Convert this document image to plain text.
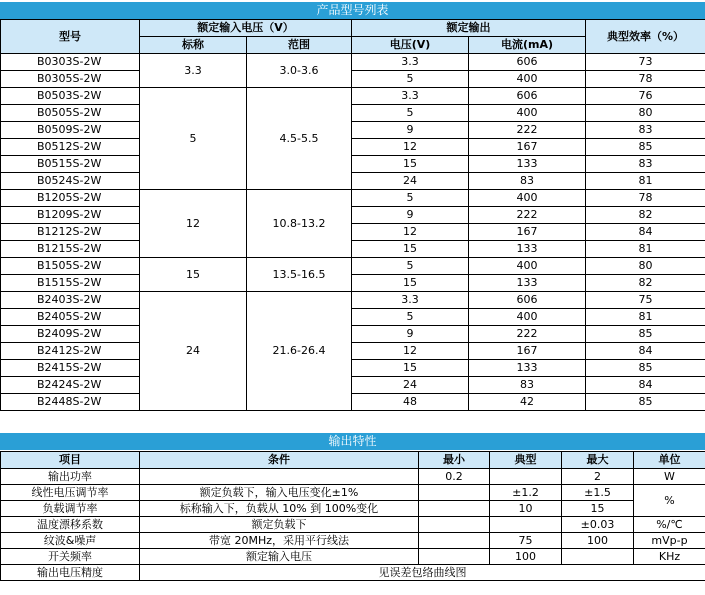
产品型号列表
型号	额定输入电压（V）		额定输出		典型效率（%）
	标称	范围	电压(V)	电流(mA)	
B0303S-2W	3.3	3.0-3.6	3.3	606	73
B0305S-2W			5	400	78
B0503S-2W	5	4.5-5.5	3.3	606	76
B0505S-2W			5	400	80
B0509S-2W			9	222	83
B0512S-2W			12	167	85
B0515S-2W			15	133	83
B0524S-2W			24	83	81
B1205S-2W	12	10.8-13.2	5	400	78
B1209S-2W			9	222	82
B1212S-2W			12	167	84
B1215S-2W			15	133	81
B1505S-2W	15	13.5-16.5	5	400	80
B1515S-2W			15	133	82
B2403S-2W	24	21.6-26.4	3.3	606	75
B2405S-2W			5	400	81
B2409S-2W			9	222	85
B2412S-2W			12	167	84
B2415S-2W			15	133	85
B2424S-2W			24	83	84
B2448S-2W			48	42	85
输出特性
项目	条件	最小	典型	最大	单位
输出功率		0.2		2	W
线性电压调节率	额定负载下，输入电压变化±1%		±1.2	±1.5	%
负载调节率	标称输入下，负载从 10% 到 100%变化		10	15	
温度漂移系数	额定负载下			±0.03	%/℃
纹波&噪声	带宽 20MHz，采用平行线法		75	100	mVp-p
开关频率	额定输入电压		100		KHz
输出电压精度	见误差包络曲线图				
